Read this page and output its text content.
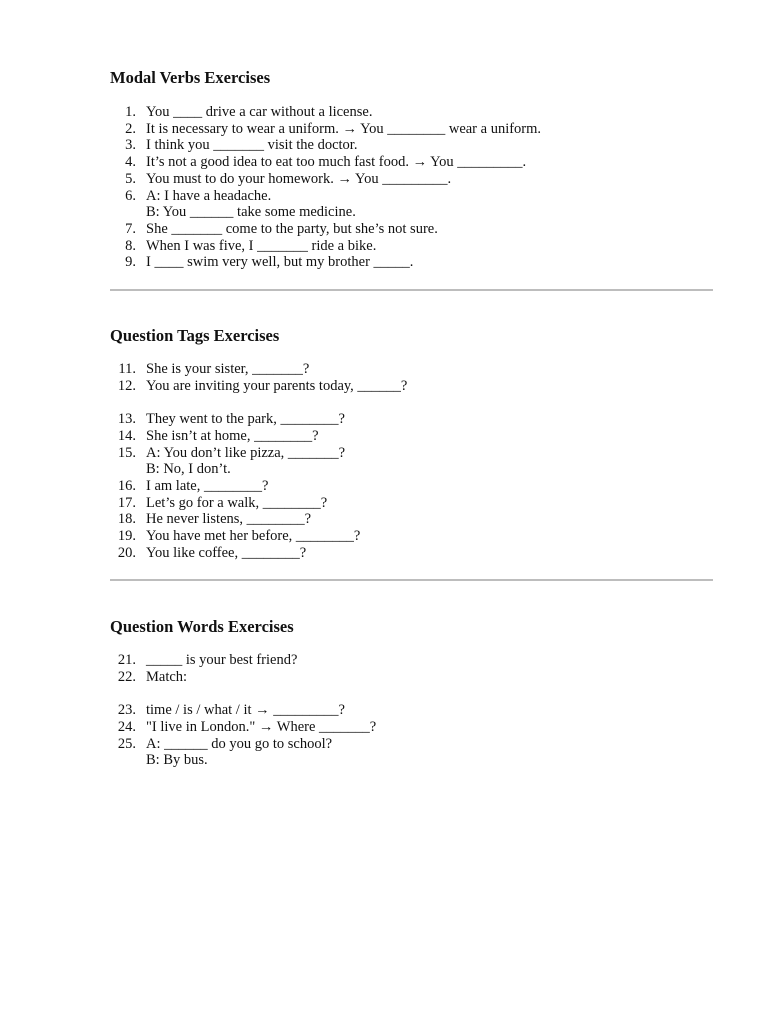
Modal Verbs Exercises
1. You ____ drive a car without a license.
2. It is necessary to wear a uniform. → You ________ wear a uniform.
3. I think you _______ visit the doctor.
4. It’s not a good idea to eat too much fast food. → You _________.
5. You must to do your homework. → You _________.
6. A: I have a headache.
B: You ______ take some medicine.
7. She _______ come to the party, but she’s not sure.
8. When I was five, I _______ ride a bike.
9. I ____ swim very well, but my brother _____.
Question Tags Exercises
11. She is your sister, _______?
12. You are inviting your parents today, ______?
13. They went to the park, ________?
14. She isn’t at home, ________?
15. A: You don’t like pizza, _______?
B: No, I don’t.
16. I am late, ________?
17. Let’s go for a walk, ________?
18. He never listens, ________?
19. You have met her before, ________?
20. You like coffee, ________?
Question Words Exercises
21. _____ is your best friend?
22. Match:
23. time / is / what / it → _________?
24. "I live in London." → Where _______?
25. A: ______ do you go to school?
B: By bus.
